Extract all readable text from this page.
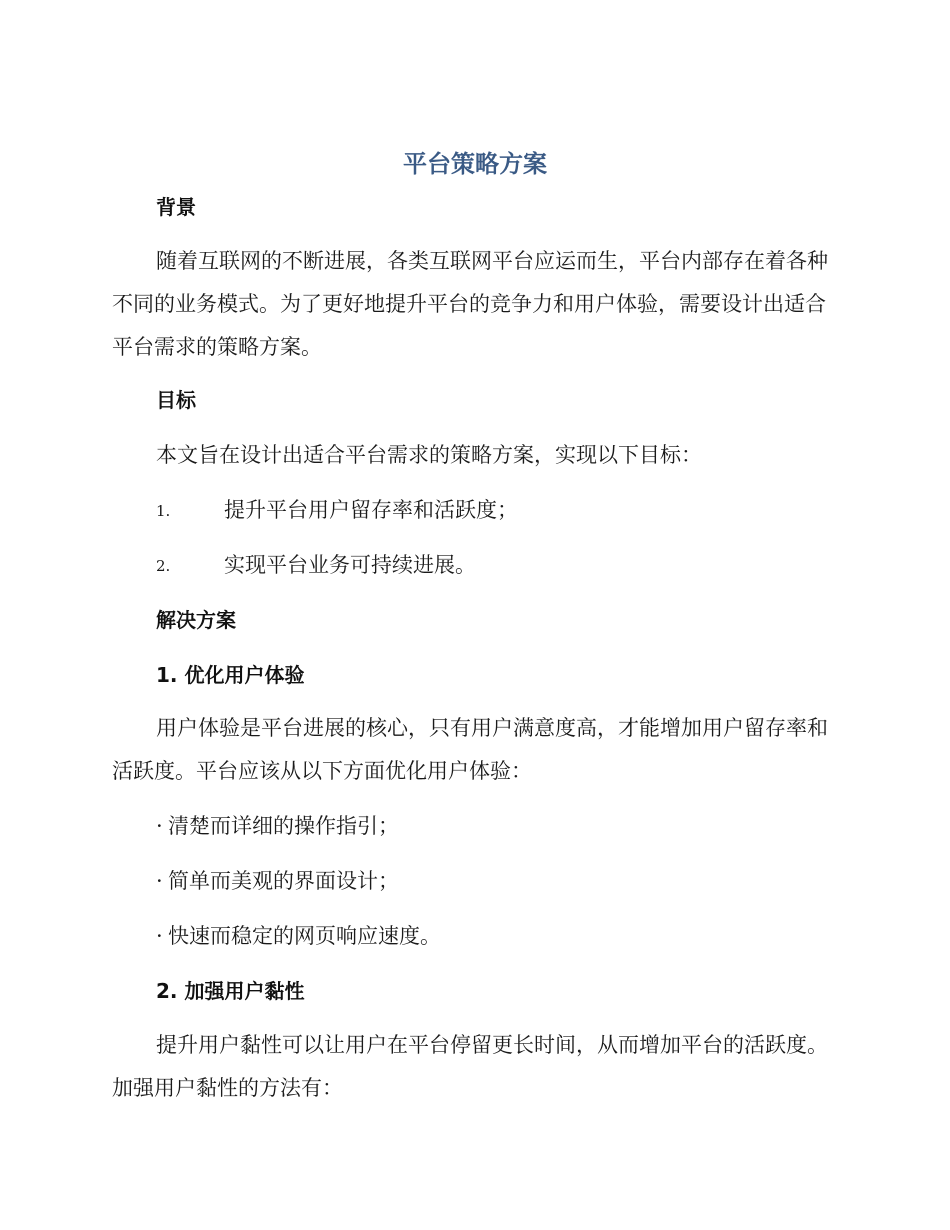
平台策略方案
背景

随着互联网的不断进展，各类互联网平台应运而生，平台内部存在着各种不同的业务模式。为了更好地提升平台的竞争力和用户体验，需要设计出适合平台需求的策略方案。

目标
本文旨在设计出适合平台需求的策略方案，实现以下目标：
1.	提升平台用户留存率和活跃度；
2.	实现平台业务可持续进展。
解决方案
1. 优化用户体验

用户体验是平台进展的核心，只有用户满意度高，才能增加用户留存率和活跃度。平台应该从以下方面优化用户体验：

· 清楚而详细的操作指引；
· 简单而美观的界面设计；
· 快速而稳定的网页响应速度。
2. 加强用户黏性

提升用户黏性可以让用户在平台停留更长时间，从而增加平台的活跃度。加强用户黏性的方法有：
